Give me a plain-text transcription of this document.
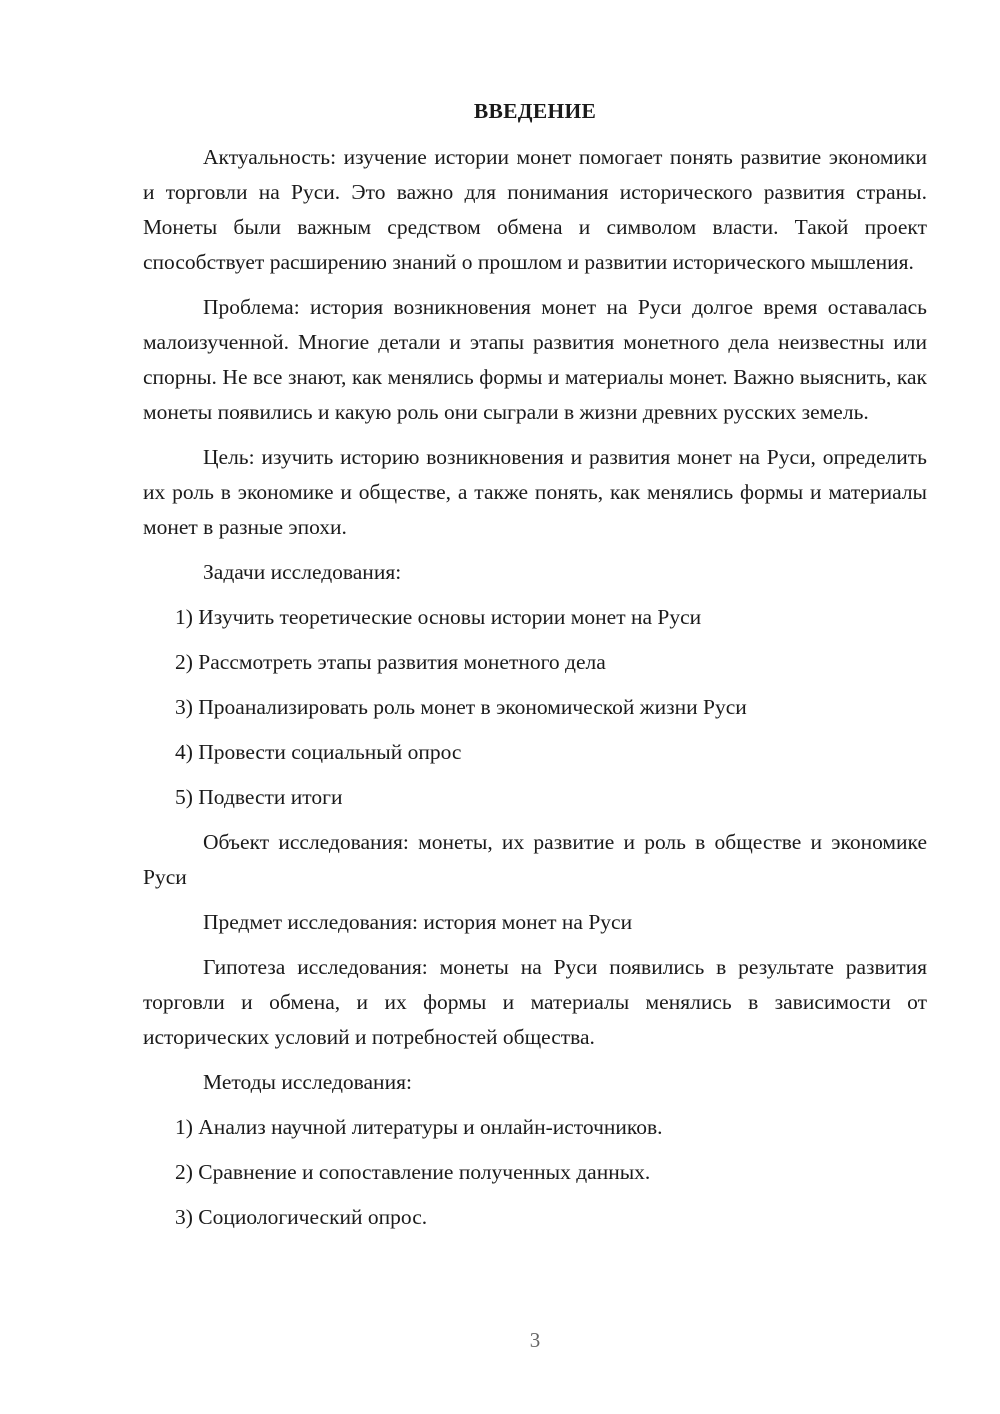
ВВЕДЕНИЕ

Актуальность: изучение истории монет помогает понять развитие экономики и торговли на Руси. Это важно для понимания исторического развития страны. Монеты были важным средством обмена и символом власти. Такой проект способствует расширению знаний о прошлом и развитии исторического мышления.

Проблема: история возникновения монет на Руси долгое время оставалась малоизученной. Многие детали и этапы развития монетного дела неизвестны или спорны. Не все знают, как менялись формы и материалы монет. Важно выяснить, как монеты появились и какую роль они сыграли в жизни древних русских земель.

Цель: изучить историю возникновения и развития монет на Руси, определить их роль в экономике и обществе, а также понять, как менялись формы и материалы монет в разные эпохи.

Задачи исследования:

1) Изучить теоретические основы истории монет на Руси
2) Рассмотреть этапы развития монетного дела
3) Проанализировать роль монет в экономической жизни Руси
4) Провести социальный опрос
5) Подвести итоги

Объект исследования: монеты, их развитие и роль в обществе и экономике Руси

Предмет исследования: история монет на Руси

Гипотеза исследования: монеты на Руси появились в результате развития торговли и обмена, и их формы и материалы менялись в зависимости от исторических условий и потребностей общества.

Методы исследования:

1) Анализ научной литературы и онлайн-источников.
2) Сравнение и сопоставление полученных данных.
3) Социологический опрос.
3
